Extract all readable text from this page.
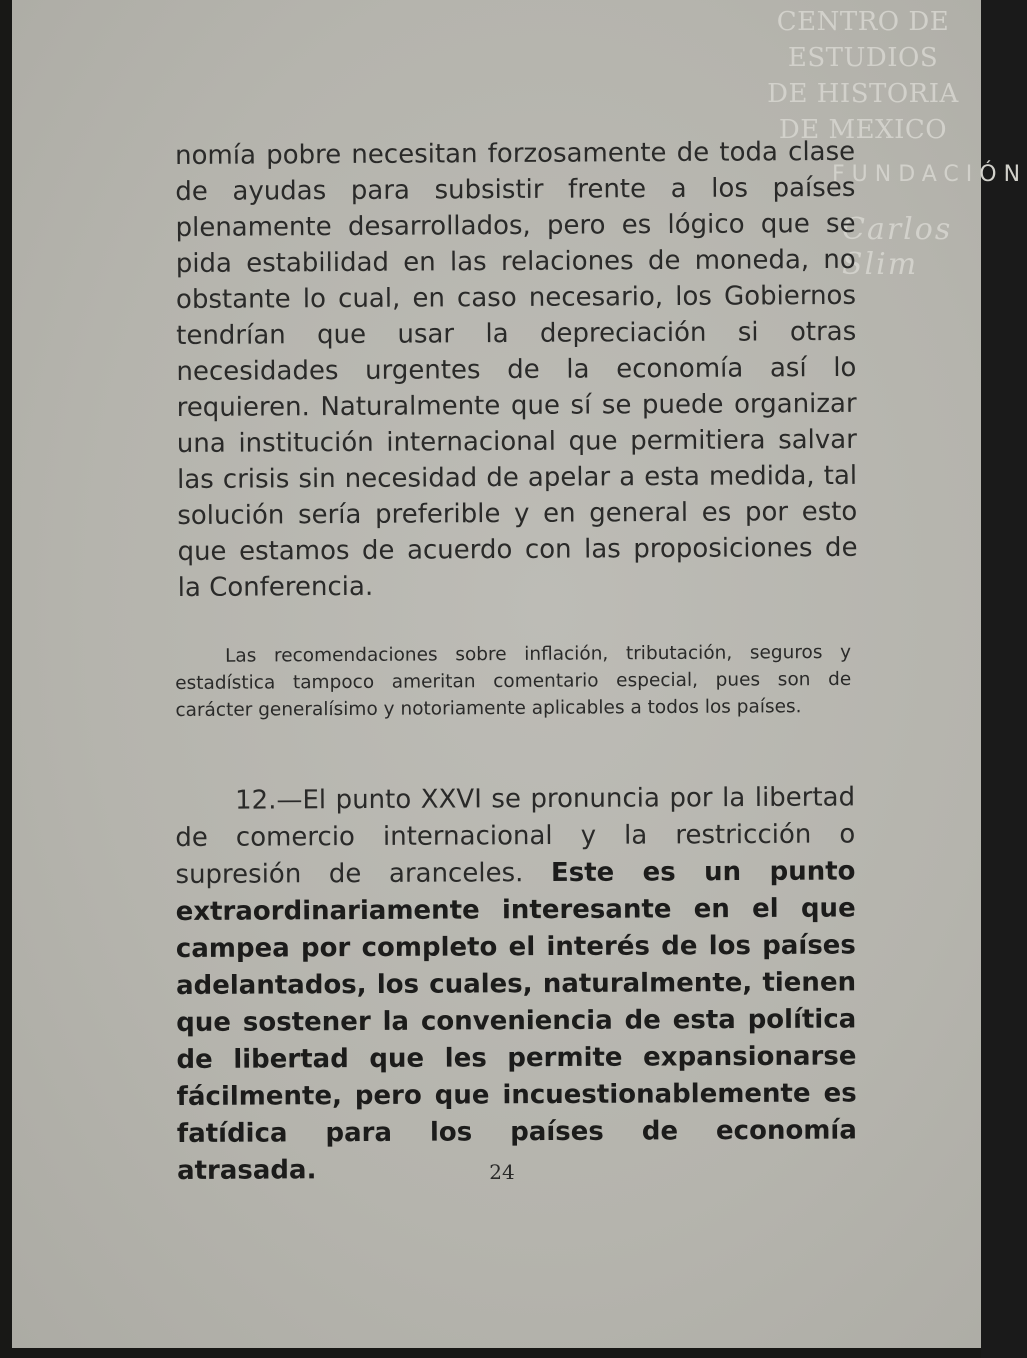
CENTRO DE
ESTUDIOS
DE HISTORIA
DE MEXICO
FUNDACIÓN
Carlos Slim
nomía pobre necesitan forzosamente de toda clase de ayudas para subsistir frente a los países plenamente desarrollados, pero es lógico que se pida estabilidad en las relaciones de moneda, no obstante lo cual, en caso necesario, los Gobiernos tendrían que usar la depreciación si otras necesidades urgentes de la economía así lo requieren. Naturalmente que sí se puede organizar una institución internacional que permitiera salvar las crisis sin necesidad de apelar a esta medida, tal solución sería preferible y en general es por esto que estamos de acuerdo con las proposiciones de la Conferencia.
Las recomendaciones sobre inflación, tributación, seguros y estadística tampoco ameritan comentario especial, pues son de carácter generalísimo y notoriamente aplicables a todos los países.
12.—El punto XXVI se pronuncia por la libertad de comercio internacional y la restricción o supresión de aranceles. Este es un punto extraordinariamente interesante en el que campea por completo el interés de los países adelantados, los cuales, naturalmente, tienen que sostener la conveniencia de esta política de libertad que les permite expansionarse fácilmente, pero que incuestionablemente es fatídica para los países de economía atrasada.	24
